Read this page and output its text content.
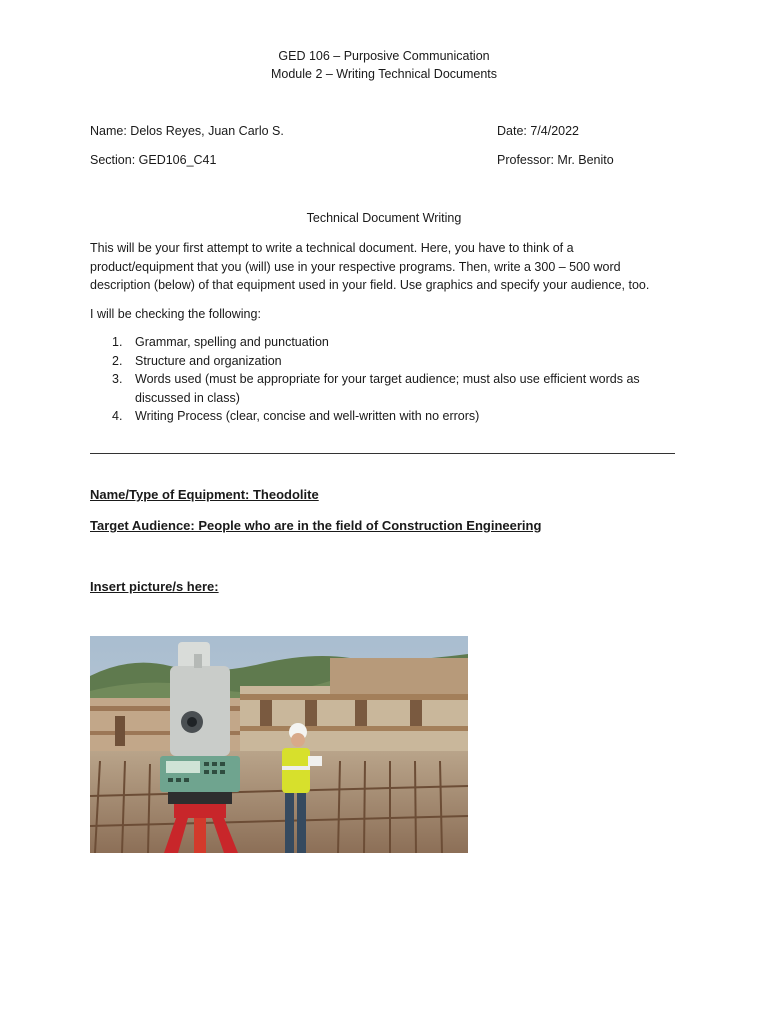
GED 106 – Purposive Communication
Module 2 – Writing Technical Documents
Name: Delos Reyes, Juan Carlo S.	Date: 7/4/2022
Section: GED106_C41	Professor: Mr. Benito
Technical Document Writing
This will be your first attempt to write a technical document. Here, you have to think of a
product/equipment that you (will) use in your respective programs. Then, write a 300 – 500 word
description (below) of that equipment used in your field. Use graphics and specify your audience, too.
I will be checking the following:
1. Grammar, spelling and punctuation
2. Structure and organization
3. Words used (must be appropriate for your target audience; must also use efficient words as discussed in class)
4. Writing Process (clear, concise and well-written with no errors)
Name/Type of Equipment: Theodolite
Target Audience: People who are in the field of Construction Engineering
Insert picture/s here:
